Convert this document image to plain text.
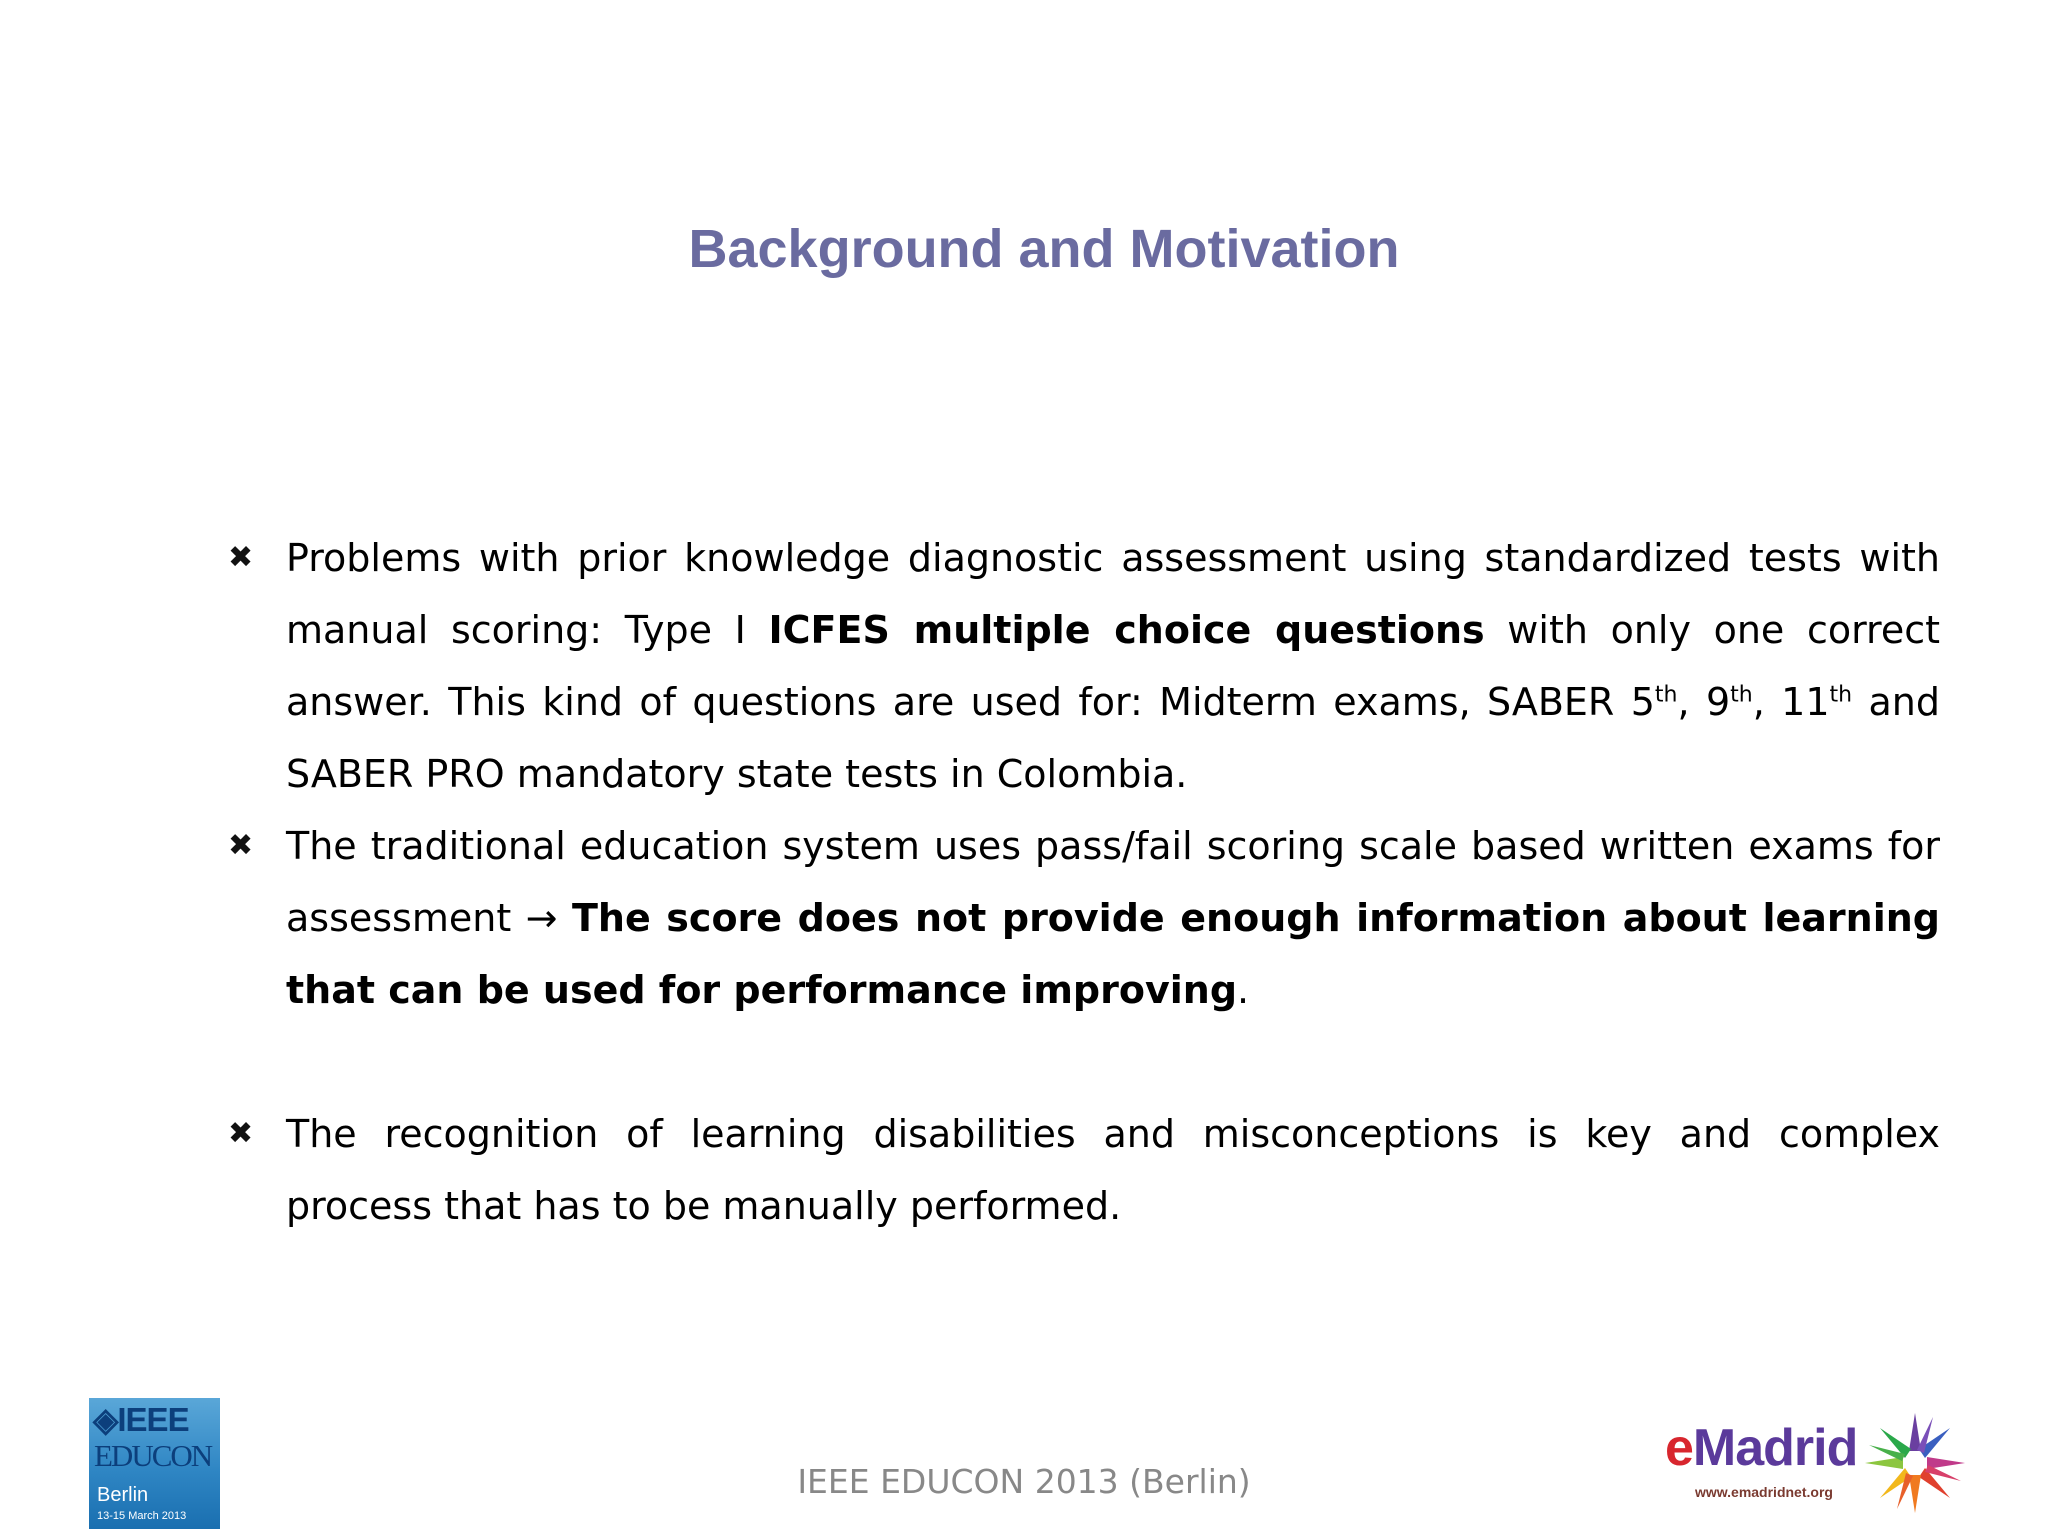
Background and Motivation
✖ Problems with prior knowledge diagnostic assessment using standardized tests with manual scoring: Type I ICFES multiple choice questions with only one correct answer. This kind of questions are used for: Midterm exams, SABER 5th, 9th, 11th and SABER PRO mandatory state tests in Colombia.
✖ The traditional education system uses pass/fail scoring scale based written exams for assessment → The score does not provide enough information about learning that can be used for performance improving.
✖ The recognition of learning disabilities and misconceptions is key and complex process that has to be manually performed.
◈IEEE
EDUCON
Berlin
13-15 March 2013
IEEE EDUCON 2013 (Berlin)
eMadrid
www.emadridnet.org
